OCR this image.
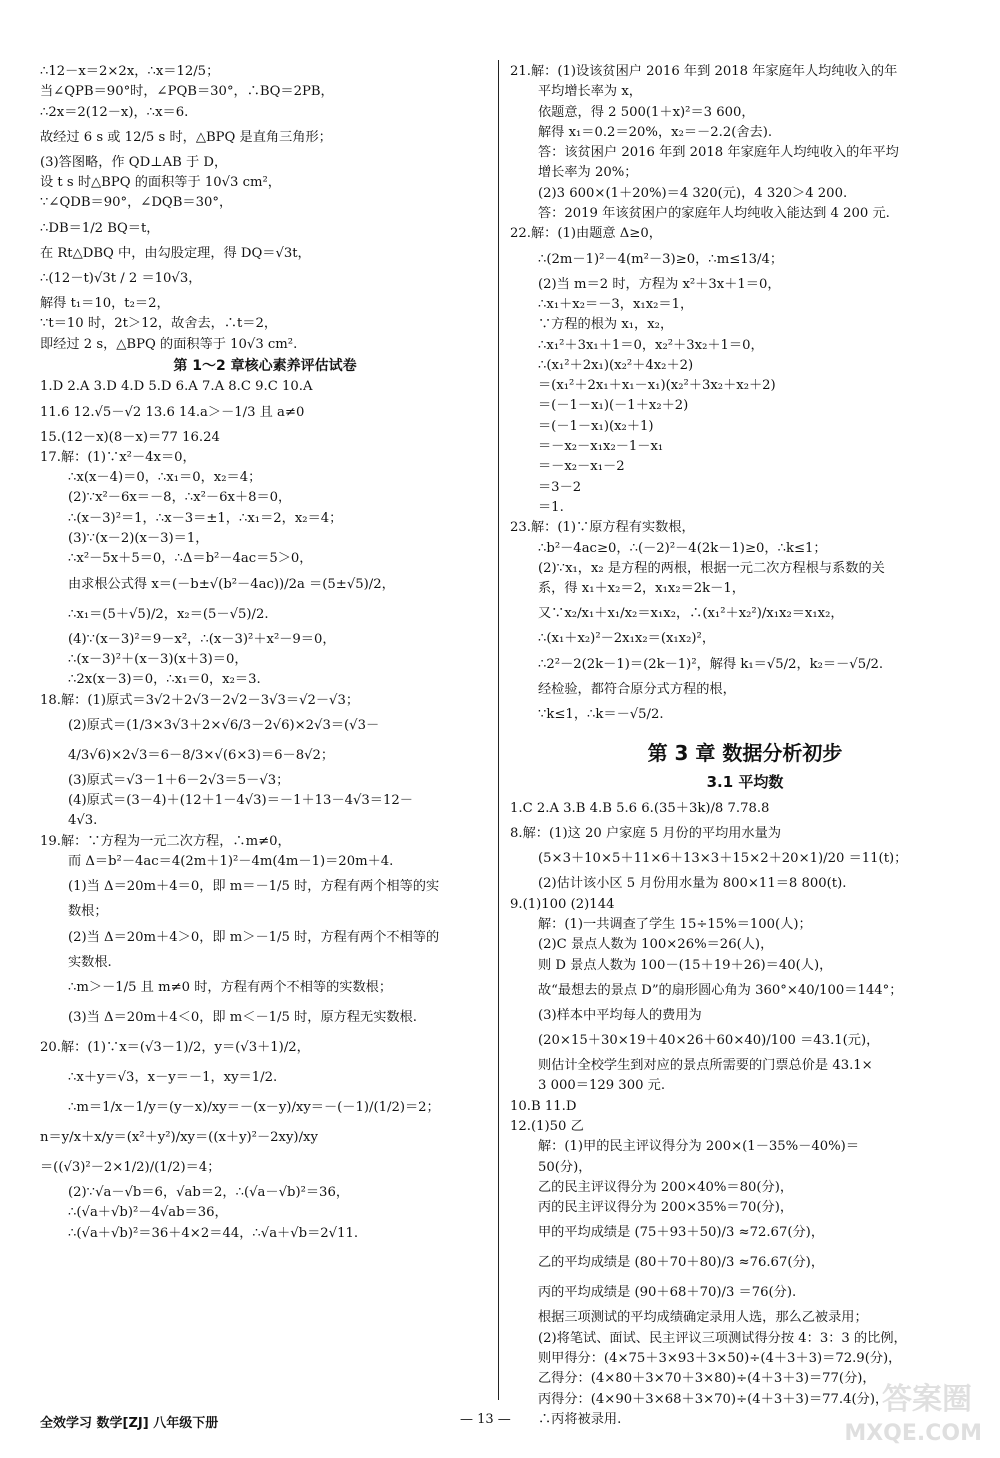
∴12－x＝2×2x，∴x＝12/5；
当∠QPB＝90°时，∠PQB＝30°，∴BQ＝2PB，
∴2x＝2(12－x)，∴x＝6.
故经过 6 s 或 12/5 s 时，△BPQ 是直角三角形；
(3)答图略，作 QD⊥AB 于 D，
设 t s 时△BPQ 的面积等于 10√3 cm²，
∵∠QDB＝90°，∠DQB＝30°，
∴DB＝1/2 BQ＝t，
在 Rt△DBQ 中，由勾股定理，得 DQ＝√3t，
∴(12－t)√3t / 2 ＝10√3，
解得 t₁＝10，t₂＝2，
∵t＝10 时，2t＞12，故舍去，∴t＝2，
即经过 2 s，△BPQ 的面积等于 10√3 cm².
第 1～2 章核心素养评估试卷
1.D 2.A 3.D 4.D 5.D 6.A 7.A 8.C 9.C 10.A
11.6 12.√5－√2 13.6 14.a＞－1/3 且 a≠0
15.(12－x)(8－x)＝77 16.24
17.解：(1)∵x²－4x＝0，
∴x(x－4)＝0，∴x₁＝0，x₂＝4；
(2)∵x²－6x＝－8，∴x²－6x＋8＝0，
∴(x－3)²＝1，∴x－3＝±1，∴x₁＝2，x₂＝4；
(3)∵(x－2)(x－3)＝1，
∴x²－5x＋5＝0，∴Δ＝b²－4ac＝5＞0，
由求根公式得 x＝(－b±√(b²－4ac))/2a ＝(5±√5)/2，
∴x₁＝(5＋√5)/2，x₂＝(5－√5)/2.
(4)∵(x－3)²＝9－x²，∴(x－3)²＋x²－9＝0，
∴(x－3)²＋(x－3)(x＋3)＝0，
∴2x(x－3)＝0，∴x₁＝0，x₂＝3.
18.解：(1)原式＝3√2＋2√3－2√2－3√3＝√2－√3；
(2)原式＝(1/3×3√3＋2×√6/3－2√6)×2√3＝(√3－
4/3√6)×2√3＝6－8/3×√(6×3)＝6－8√2；
(3)原式＝√3－1＋6－2√3＝5－√3；
(4)原式＝(3－4)＋(12＋1－4√3)＝－1＋13－4√3＝12－
4√3.
19.解：∵方程为一元二次方程，∴m≠0，
而 Δ＝b²－4ac＝4(2m＋1)²－4m(4m－1)＝20m＋4.
(1)当 Δ＝20m＋4＝0，即 m＝－1/5 时，方程有两个相等的实
数根；
(2)当 Δ＝20m＋4＞0，即 m＞－1/5 时，方程有两个不相等的
实数根.
∴m＞－1/5 且 m≠0 时，方程有两个不相等的实数根；
(3)当 Δ＝20m＋4＜0，即 m＜－1/5 时，原方程无实数根.
20.解：(1)∵x＝(√3－1)/2，y＝(√3＋1)/2，
∴x＋y＝√3，x－y＝－1，xy＝1/2.
∴m＝1/x－1/y＝(y－x)/xy＝－(x－y)/xy＝－(－1)/(1/2)＝2；
n＝y/x＋x/y＝(x²＋y²)/xy＝((x＋y)²－2xy)/xy
＝((√3)²－2×1/2)/(1/2)＝4；
(2)∵√a－√b＝6，√ab＝2，∴(√a－√b)²＝36，
∴(√a＋√b)²－4√ab＝36，
∴(√a＋√b)²＝36＋4×2＝44，∴√a＋√b＝2√11.
21.解：(1)设该贫困户 2016 年到 2018 年家庭年人均纯收入的年
平均增长率为 x，
依题意，得 2 500(1＋x)²＝3 600，
解得 x₁＝0.2＝20%，x₂＝－2.2(舍去).
答：该贫困户 2016 年到 2018 年家庭年人均纯收入的年平均
增长率为 20%；
(2)3 600×(1＋20%)＝4 320(元)，4 320＞4 200.
答：2019 年该贫困户的家庭年人均纯收入能达到 4 200 元.
22.解：(1)由题意 Δ≥0，
∴(2m－1)²－4(m²－3)≥0，∴m≤13/4；
(2)当 m＝2 时，方程为 x²＋3x＋1＝0，
∴x₁＋x₂＝－3，x₁x₂＝1，
∵方程的根为 x₁，x₂，
∴x₁²＋3x₁＋1＝0，x₂²＋3x₂＋1＝0，
∴(x₁²＋2x₁)(x₂²＋4x₂＋2)
＝(x₁²＋2x₁＋x₁－x₁)(x₂²＋3x₂＋x₂＋2)
＝(－1－x₁)(－1＋x₂＋2)
＝(－1－x₁)(x₂＋1)
＝－x₂－x₁x₂－1－x₁
＝－x₂－x₁－2
＝3－2
＝1.
23.解：(1)∵原方程有实数根，
∴b²－4ac≥0，∴(－2)²－4(2k－1)≥0，∴k≤1；
(2)∵x₁，x₂ 是方程的两根，根据一元二次方程根与系数的关
系，得 x₁＋x₂＝2，x₁x₂＝2k－1，
又∵x₂/x₁＋x₁/x₂＝x₁x₂，∴(x₁²＋x₂²)/x₁x₂＝x₁x₂，
∴(x₁＋x₂)²－2x₁x₂＝(x₁x₂)²，
∴2²－2(2k－1)＝(2k－1)²，解得 k₁＝√5/2，k₂＝－√5/2.
经检验，都符合原分式方程的根，
∵k≤1，∴k＝－√5/2.
第 3 章 数据分析初步
3.1 平均数
1.C 2.A 3.B 4.B 5.6 6.(35＋3k)/8 7.78.8
8.解：(1)这 20 户家庭 5 月份的平均用水量为
(5×3＋10×5＋11×6＋13×3＋15×2＋20×1)/20 ＝11(t)；
(2)估计该小区 5 月份用水量为 800×11＝8 800(t).
9.(1)100 (2)144
解：(1)一共调查了学生 15÷15%＝100(人)；
(2)C 景点人数为 100×26%＝26(人)，
则 D 景点人数为 100－(15＋19＋26)＝40(人)，
故“最想去的景点 D”的扇形圆心角为 360°×40/100＝144°；
(3)样本中平均每人的费用为
(20×15＋30×19＋40×26＋60×40)/100 ＝43.1(元)，
则估计全校学生到对应的景点所需要的门票总价是 43.1×
3 000＝129 300 元.
10.B 11.D
12.(1)50 乙
解：(1)甲的民主评议得分为 200×(1－35%－40%)＝
50(分)，
乙的民主评议得分为 200×40%＝80(分)，
丙的民主评议得分为 200×35%＝70(分)，
甲的平均成绩是 (75＋93＋50)/3 ≈72.67(分)，
乙的平均成绩是 (80＋70＋80)/3 ≈76.67(分)，
丙的平均成绩是 (90＋68＋70)/3 ＝76(分).
根据三项测试的平均成绩确定录用人选，那么乙被录用；
(2)将笔试、面试、民主评议三项测试得分按 4：3：3 的比例，
则甲得分：(4×75＋3×93＋3×50)÷(4＋3＋3)＝72.9(分)，
乙得分：(4×80＋3×70＋3×80)÷(4＋3＋3)＝77(分)，
丙得分：(4×90＋3×68＋3×70)÷(4＋3＋3)＝77.4(分)，
∴丙将被录用.
全效学习 数学[ZJ] 八年级下册	— 13 —
答案圈
MXQE.COM
